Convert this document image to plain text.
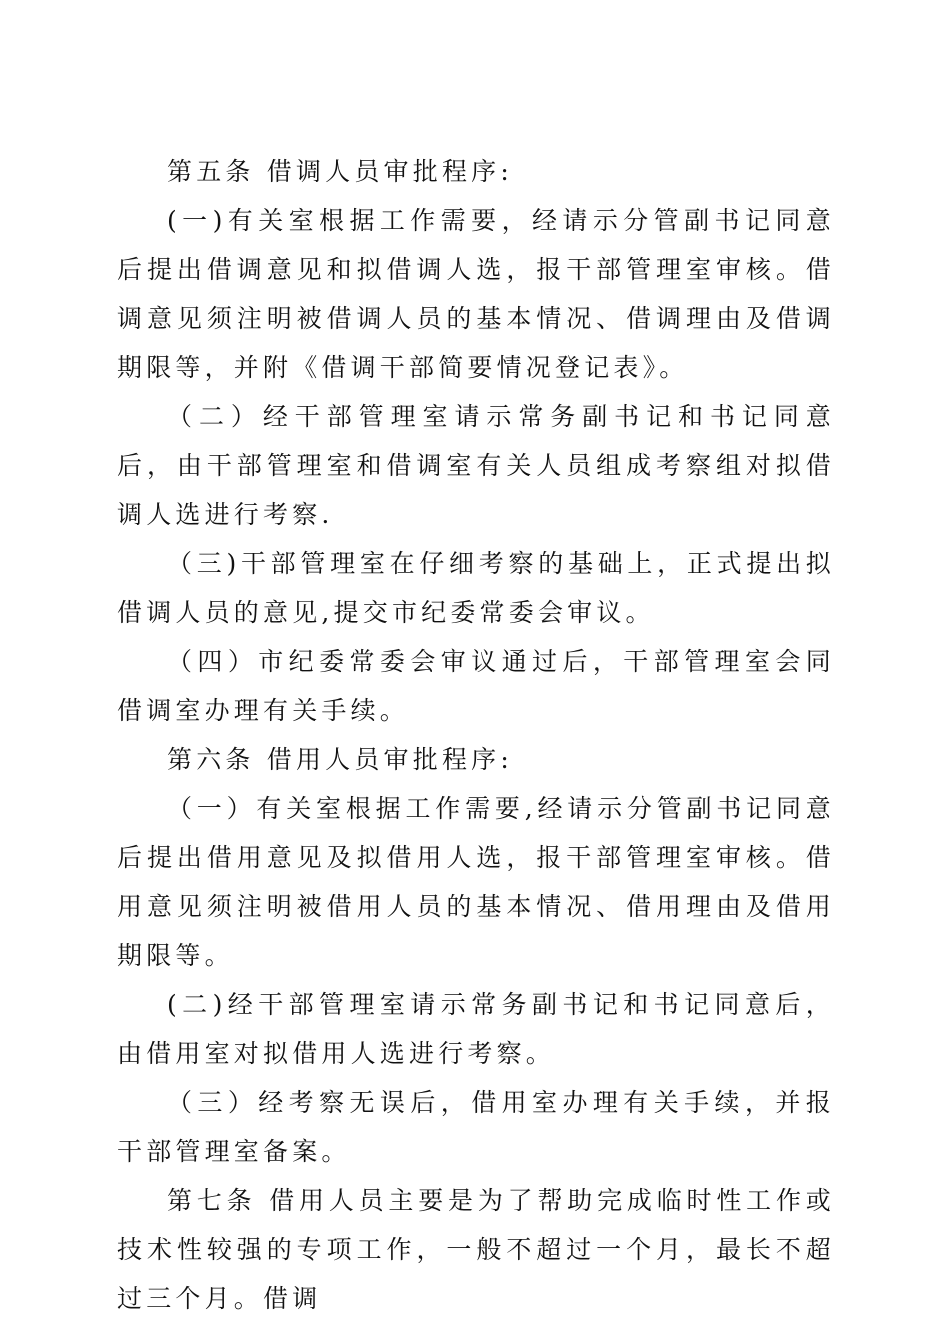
第五条 借调人员审批程序:

(一)有关室根据工作需要，经请示分管副书记同意后提出借调意见和拟借调人选，报干部管理室审核。借调意见须注明被借调人员的基本情况、借调理由及借调期限等，并附《借调干部简要情况登记表》。

（二）经干部管理室请示常务副书记和书记同意后，由干部管理室和借调室有关人员组成考察组对拟借调人选进行考察.

（三)干部管理室在仔细考察的基础上，正式提出拟借调人员的意见,提交市纪委常委会审议。

（四）市纪委常委会审议通过后，干部管理室会同借调室办理有关手续。

第六条 借用人员审批程序:

（一）有关室根据工作需要,经请示分管副书记同意后提出借用意见及拟借用人选，报干部管理室审核。借用意见须注明被借用人员的基本情况、借用理由及借用期限等。

(二)经干部管理室请示常务副书记和书记同意后，由借用室对拟借用人选进行考察。

（三）经考察无误后，借用室办理有关手续，并报干部管理室备案。

第七条 借用人员主要是为了帮助完成临时性工作或技术性较强的专项工作，一般不超过一个月，最长不超过三个月。借调
